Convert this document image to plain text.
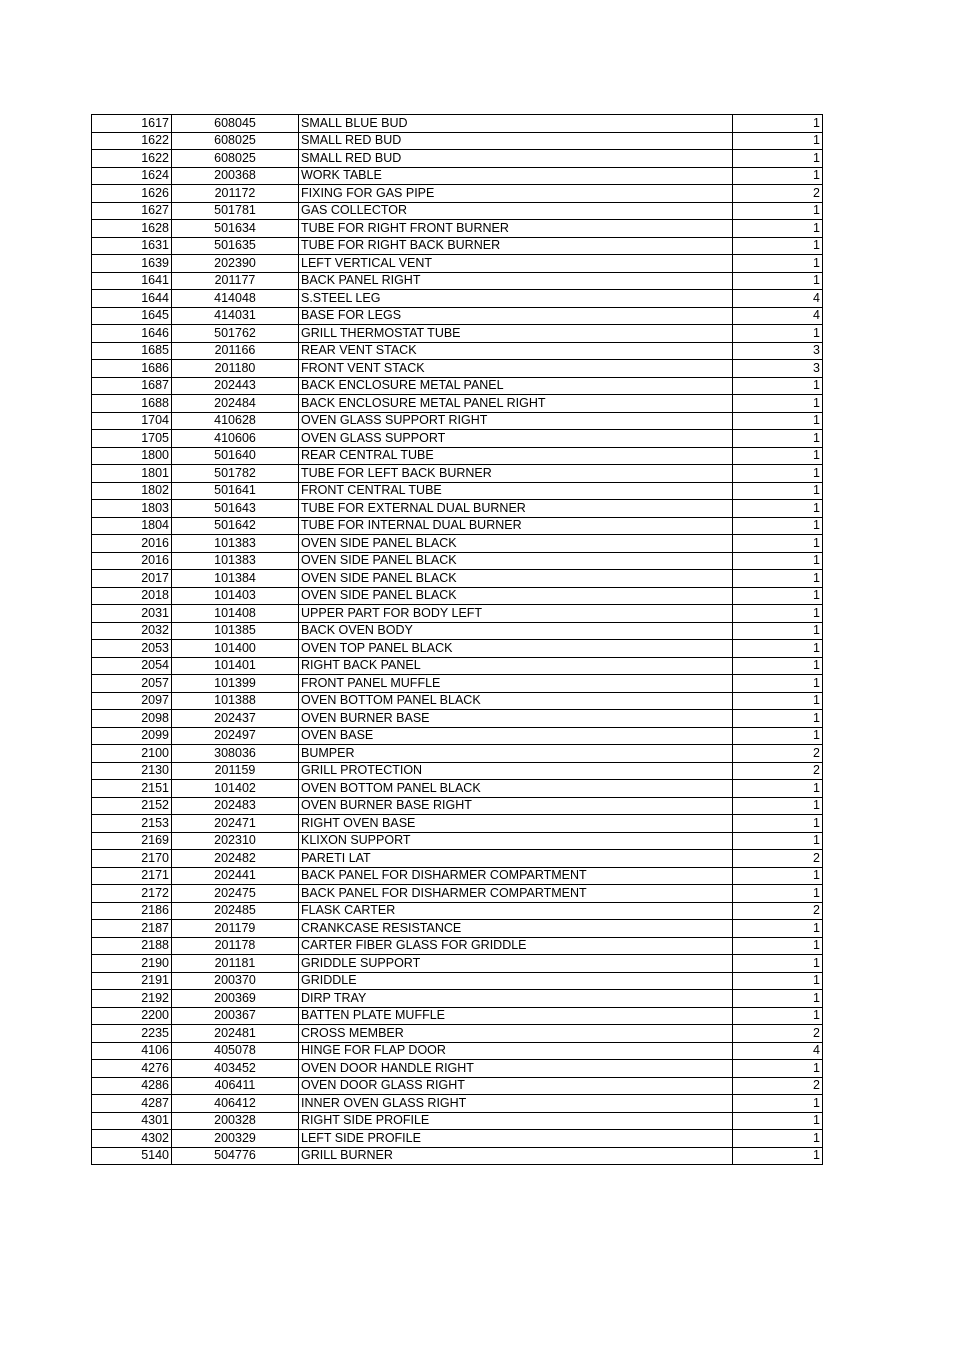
1617	608045	SMALL BLUE BUD	1
1622	608025	SMALL RED BUD	1
1622	608025	SMALL RED BUD	1
1624	200368	WORK TABLE	1
1626	201172	FIXING FOR GAS PIPE	2
1627	501781	GAS COLLECTOR	1
1628	501634	TUBE FOR RIGHT FRONT BURNER	1
1631	501635	TUBE FOR RIGHT BACK BURNER	1
1639	202390	LEFT VERTICAL VENT	1
1641	201177	BACK PANEL RIGHT	1
1644	414048	S.STEEL LEG	4
1645	414031	BASE FOR LEGS	4
1646	501762	GRILL THERMOSTAT TUBE	1
1685	201166	REAR VENT STACK	3
1686	201180	FRONT VENT STACK	3
1687	202443	BACK ENCLOSURE METAL PANEL	1
1688	202484	BACK ENCLOSURE METAL PANEL RIGHT	1
1704	410628	OVEN GLASS SUPPORT RIGHT	1
1705	410606	OVEN GLASS SUPPORT	1
1800	501640	REAR CENTRAL TUBE	1
1801	501782	TUBE FOR LEFT BACK BURNER	1
1802	501641	FRONT CENTRAL TUBE	1
1803	501643	TUBE FOR EXTERNAL DUAL BURNER	1
1804	501642	TUBE FOR INTERNAL DUAL BURNER	1
2016	101383	OVEN SIDE PANEL BLACK	1
2016	101383	OVEN SIDE PANEL BLACK	1
2017	101384	OVEN SIDE PANEL BLACK	1
2018	101403	OVEN SIDE PANEL BLACK	1
2031	101408	UPPER PART FOR BODY LEFT	1
2032	101385	BACK OVEN BODY	1
2053	101400	OVEN TOP PANEL BLACK	1
2054	101401	RIGHT BACK PANEL	1
2057	101399	FRONT PANEL MUFFLE	1
2097	101388	OVEN BOTTOM PANEL BLACK	1
2098	202437	OVEN BURNER BASE	1
2099	202497	OVEN BASE	1
2100	308036	BUMPER	2
2130	201159	GRILL PROTECTION	2
2151	101402	OVEN BOTTOM PANEL BLACK	1
2152	202483	OVEN BURNER BASE RIGHT	1
2153	202471	RIGHT OVEN BASE	1
2169	202310	KLIXON SUPPORT	1
2170	202482	PARETI LAT	2
2171	202441	BACK PANEL FOR DISHARMER COMPARTMENT	1
2172	202475	BACK PANEL FOR DISHARMER COMPARTMENT	1
2186	202485	FLASK CARTER	2
2187	201179	CRANKCASE RESISTANCE	1
2188	201178	CARTER FIBER GLASS FOR GRIDDLE	1
2190	201181	GRIDDLE SUPPORT	1
2191	200370	GRIDDLE	1
2192	200369	DIRP TRAY	1
2200	200367	BATTEN PLATE MUFFLE	1
2235	202481	CROSS MEMBER	2
4106	405078	HINGE FOR FLAP DOOR	4
4276	403452	OVEN DOOR HANDLE RIGHT	1
4286	406411	OVEN DOOR GLASS RIGHT	2
4287	406412	INNER OVEN GLASS RIGHT	1
4301	200328	RIGHT SIDE PROFILE	1
4302	200329	LEFT SIDE PROFILE	1
5140	504776	GRILL BURNER	1
